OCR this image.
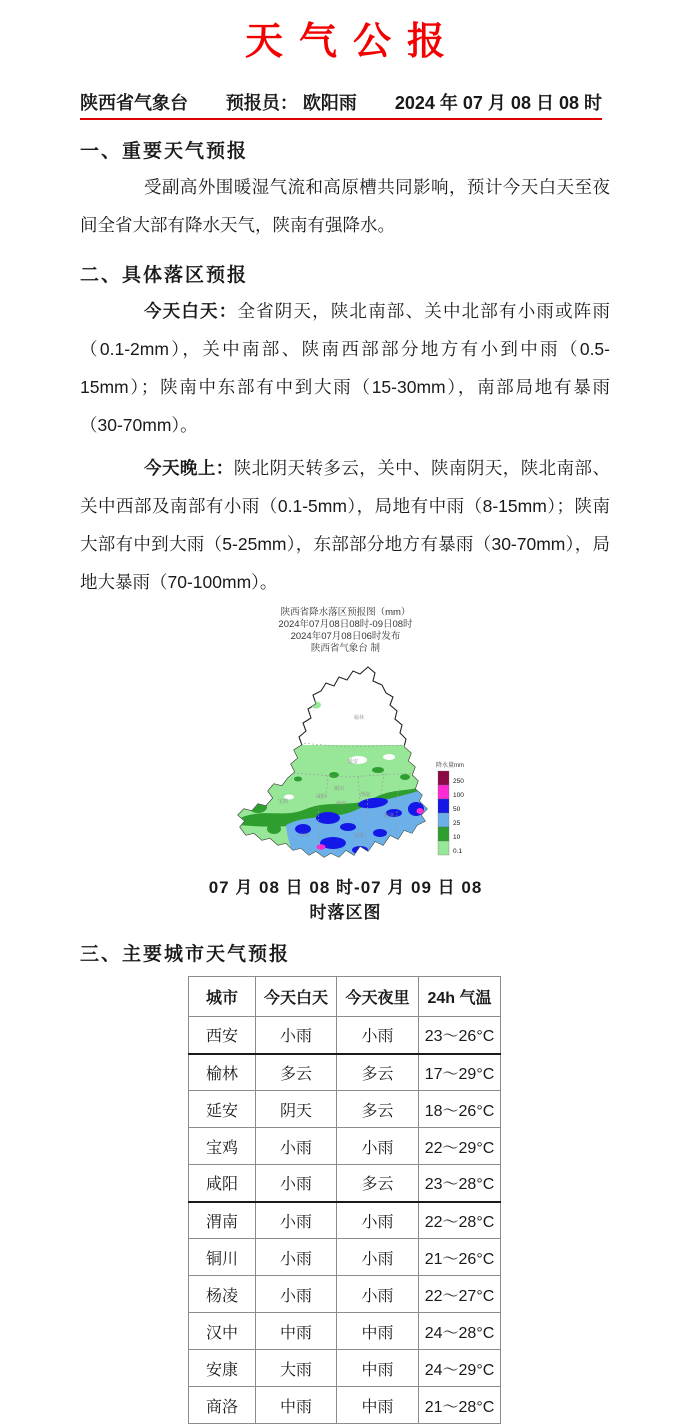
天气公报
陕西省气象台 预报员： 欧阳雨 2024 年 07 月 08 日 08 时
一、重要天气预报

受副高外围暖湿气流和高原槽共同影响，预计今天白天至夜间全省大部有降水天气，陕南有强降水。

二、具体落区预报

今天白天：全省阴天，陕北南部、关中北部有小雨或阵雨（0.1-2mm），关中南部、陕南西部部分地方有小到中雨（0.5-15mm）；陕南中东部有中到大雨（15-30mm），南部局地有暴雨（30-70mm）。

今天晚上：陕北阴天转多云，关中、陕南阴天，陕北南部、关中西部及南部有小雨（0.1-5mm），局地有中雨（8-15mm）；陕南大部有中到大雨（5-25mm），东部部分地方有暴雨（30-70mm），局地大暴雨（70-100mm）。

陕西省降水落区预报图（mm）
2024年07月08日08时-09日08时
2024年07月08日06时发布
陕西省气象台 制
榆林
延安
铜川
渭南
西安
咸阳
宝鸡
汉中	安康
商洛
降水量mm
250
100
50
25
10
0.1
07 月 08 日 08 时-07 月 09 日 08 时落区图
三、主要城市天气预报
城市	今天白天	今天夜里	24h 气温
西安	小雨	小雨	23～26°C
榆林	多云	多云	17～29°C
延安	阴天	多云	18～26°C
宝鸡	小雨	小雨	22～29°C
咸阳	小雨	多云	23～28°C
渭南	小雨	小雨	22～28°C
铜川	小雨	小雨	21～26°C
杨凌	小雨	小雨	22～27°C
汉中	中雨	中雨	24～28°C
安康	大雨	中雨	24～29°C
商洛	中雨	中雨	21～28°C
